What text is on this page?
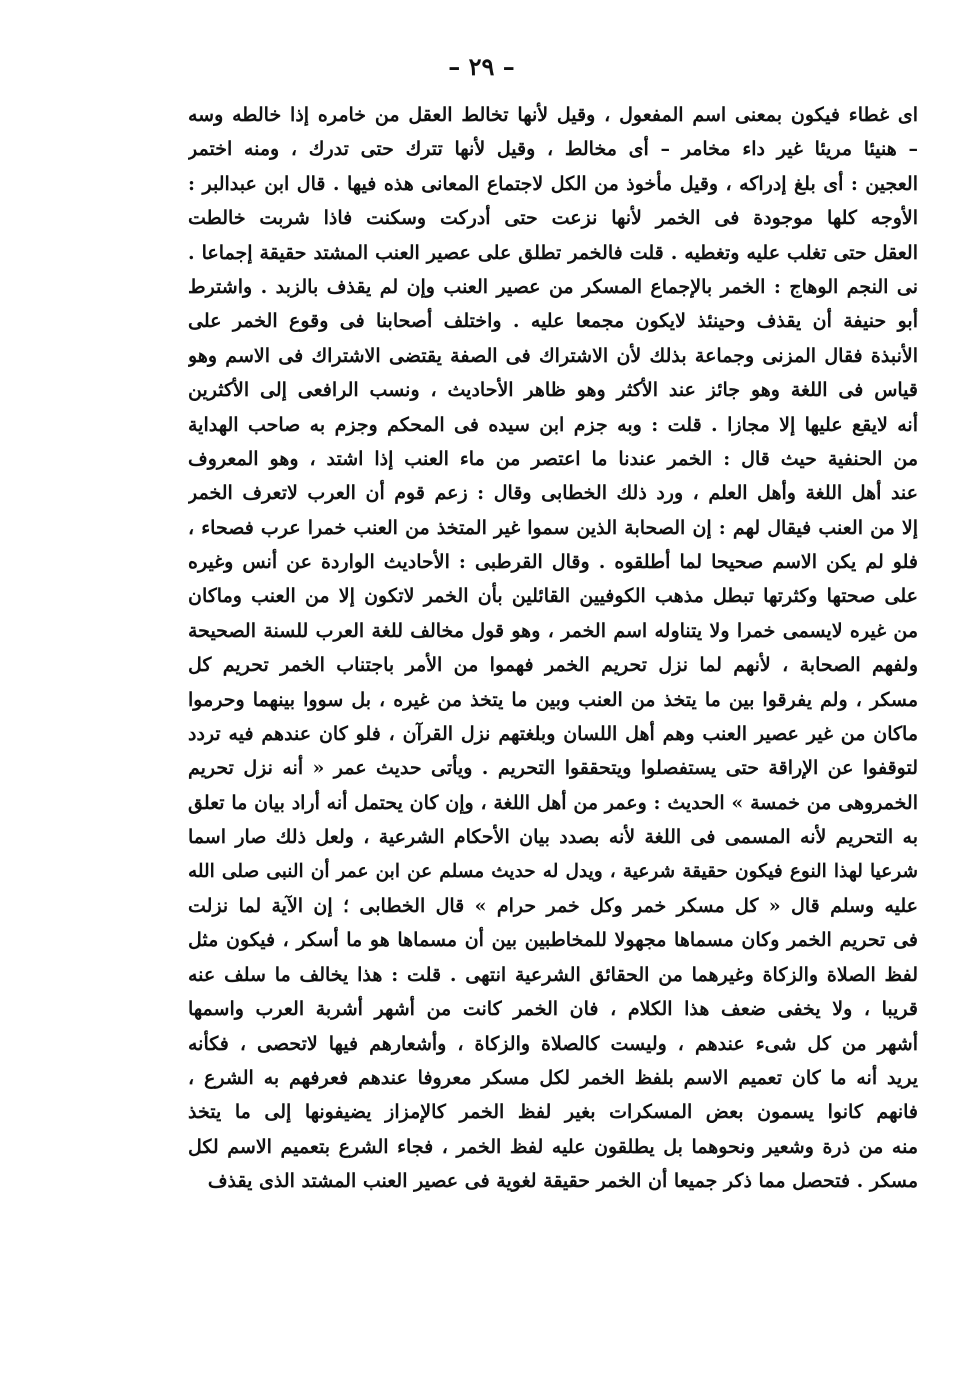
– ٢٩ –
اى غطاء فيكون بمعنى اسم المفعول ، وقيل لأنها تخالط العقل من خامره إذا خالطه وسه
– هنيئا مريئا غير داء مخامر – أى مخالط ، وقيل لأنها تترك حتى تدرك ، ومنه اختمر
العجين : أى بلغ إدراكه ، وقيل مأخوذ من الكل لاجتماع المعانى هذه فيها . قال ابن عبدالبر :
الأوجه كلها موجودة فى الخمر لأنها نزعت حتى أدركت وسكنت فاذا شربت خالطت
العقل حتى تغلب عليه وتغطيه . قلت فالخمر تطلق على عصير العنب المشتد حقيقة إجماعا .
نى النجم الوهاج : الخمر بالإجماع المسكر من عصير العنب وإن لم يقذف بالزبد . واشترط
أبو حنيفة أن يقذف وحينئذ لايكون مجمعا عليه . واختلف أصحابنا فى وقوع الخمر على
الأنبذة فقال المزنى وجماعة بذلك لأن الاشتراك فى الصفة يقتضى الاشتراك فى الاسم وهو
قياس فى اللغة وهو جائز عند الأكثر وهو ظاهر الأحاديث ، ونسب الرافعى إلى الأكثرين
أنه لايقع عليها إلا مجازا . قلت : وبه جزم ابن سيده فى المحكم وجزم به صاحب الهداية
من الحنفية حيث قال : الخمر عندنا ما اعتصر من ماء العنب إذا اشتد ، وهو المعروف
عند أهل اللغة وأهل العلم ، ورد ذلك الخطابى وقال : زعم قوم أن العرب لاتعرف الخمر
إلا من العنب فيقال لهم : إن الصحابة الذين سموا غير المتخذ من العنب خمرا عرب فصحاء ،
فلو لم يكن الاسم صحيحا لما أطلقوه . وقال القرطبى : الأحاديث الواردة عن أنس وغيره
على صحتها وكثرتها تبطل مذهب الكوفيين القائلين بأن الخمر لاتكون إلا من العنب وماكان
من غيره لايسمى خمرا ولا يتناوله اسم الخمر ، وهو قول مخالف للغة العرب للسنة الصحيحة
ولفهم الصحابة ، لأنهم لما نزل تحريم الخمر فهموا من الأمر باجتناب الخمر تحريم كل
مسكر ، ولم يفرقوا بين ما يتخذ من العنب وبين ما يتخذ من غيره ، بل سووا بينهما وحرموا
ماكان من غير عصير العنب وهم أهل اللسان وبلغتهم نزل القرآن ، فلو كان عندهم فيه تردد
لتوقفوا عن الإراقة حتى يستفصلوا ويتحققوا التحريم . ويأتى حديث عمر « أنه نزل تحريم
الخمروهى من خمسة » الحديث : وعمر من أهل اللغة ، وإن كان يحتمل أنه أراد بيان ما تعلق
به التحريم لأنه المسمى فى اللغة لأنه بصدد بيان الأحكام الشرعية ، ولعل ذلك صار اسما
شرعيا لهذا النوع فيكون حقيقة شرعية ، ويدل له حديث مسلم عن ابن عمر أن النبى صلى الله
عليه وسلم قال « كل مسكر خمر وكل خمر حرام » قال الخطابى ؛ إن الآية لما نزلت
فى تحريم الخمر وكان مسماها مجهولا للمخاطبين بين أن مسماها هو ما أسكر ، فيكون مثل
لفظ الصلاة والزكاة وغيرهما من الحقائق الشرعية انتهى . قلت : هذا يخالف ما سلف عنه
قريبا ، ولا يخفى ضعف هذا الكلام ، فان الخمر كانت من أشهر أشربة العرب واسمها
أشهر من كل شىء عندهم ، وليست كالصلاة والزكاة ، وأشعارهم فيها لاتحصى ، فكأنه
يريد أنه ما كان تعميم الاسم بلفظ الخمر لكل مسكر معروفا عندهم فعرفهم به الشرع ،
فانهم كانوا يسمون بعض المسكرات بغير لفظ الخمر كالإمزاز يضيفونها إلى ما يتخذ
منه من ذرة وشعير ونحوهما بل يطلقون عليه لفظ الخمر ، فجاء الشرع بتعميم الاسم لكل
مسكر . فتحصل مما ذكر جميعا أن الخمر حقيقة لغوية فى عصير العنب المشتد الذى يقذف
